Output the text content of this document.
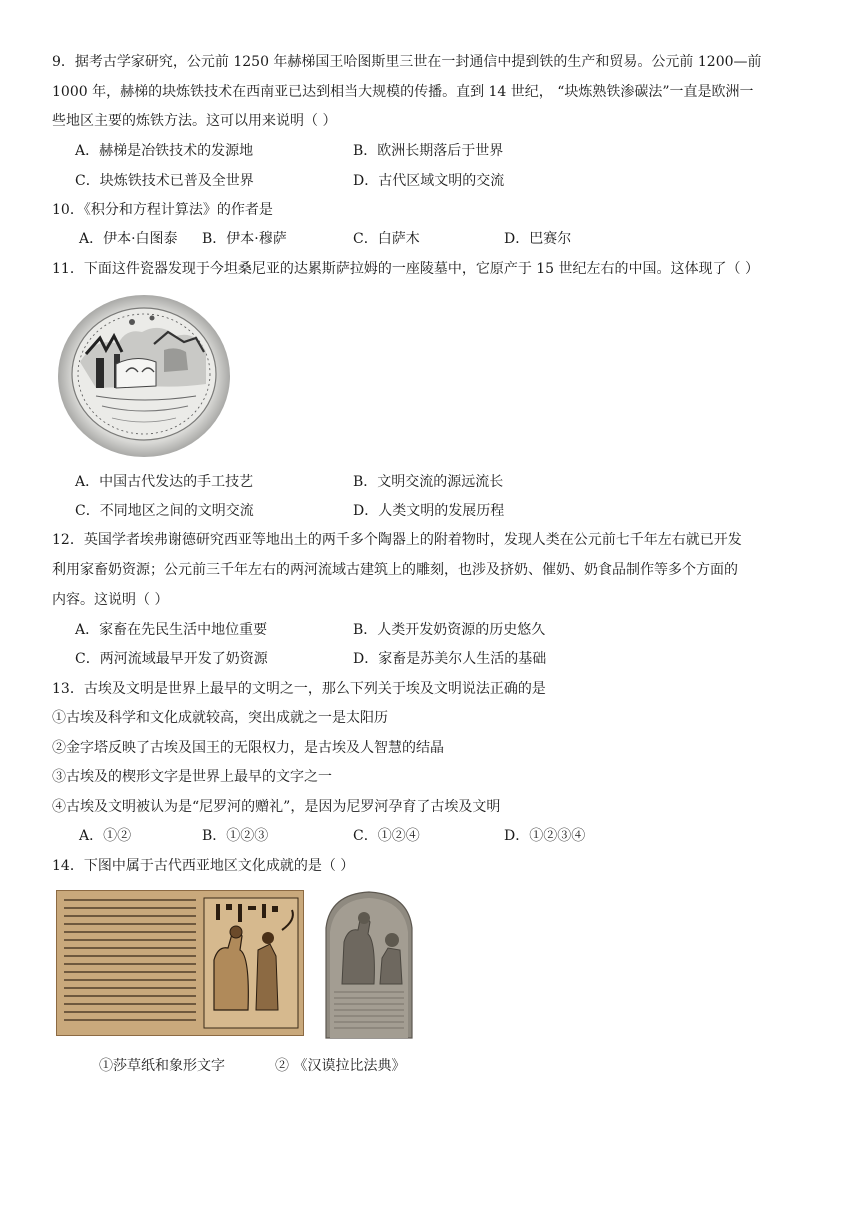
9．据考古学家研究，公元前 1250 年赫梯国王哈图斯里三世在一封通信中提到铁的生产和贸易。公元前 1200—前
1000 年，赫梯的块炼铁技术在西南亚已达到相当大规模的传播。直到 14 世纪， “块炼熟铁渗碳法”一直是欧洲一
些地区主要的炼铁方法。这可以用来说明（ ）
A．赫梯是冶铁技术的发源地	B．欧洲长期落后于世界
C．块炼铁技术已普及全世界	D．古代区域文明的交流
10．《积分和方程计算法》的作者是
A．伊本·白图泰 B．伊本·穆萨	C．白萨木	D．巴赛尔
11．下面这件瓷器发现于今坦桑尼亚的达累斯萨拉姆的一座陵墓中，它原产于 15 世纪左右的中国。这体现了（ ）
A．中国古代发达的手工技艺	B．文明交流的源远流长
C．不同地区之间的文明交流	D．人类文明的发展历程
12．英国学者埃弗谢德研究西亚等地出土的两千多个陶器上的附着物时，发现人类在公元前七千年左右就已开发
利用家畜奶资源；公元前三千年左右的两河流域古建筑上的雕刻，也涉及挤奶、催奶、奶食品制作等多个方面的
内容。这说明（ ）
A．家畜在先民生活中地位重要	B．人类开发奶资源的历史悠久
C．两河流域最早开发了奶资源	D．家畜是苏美尔人生活的基础
13．古埃及文明是世界上最早的文明之一，那么下列关于埃及文明说法正确的是
①古埃及科学和文化成就较高，突出成就之一是太阳历
②金字塔反映了古埃及国王的无限权力，是古埃及人智慧的结晶
③古埃及的楔形文字是世界上最早的文字之一
④古埃及文明被认为是“尼罗河的赠礼”，是因为尼罗河孕育了古埃及文明
A．①②	B．①②③	C．①②④	D．①②③④
14．下图中属于古代西亚地区文化成就的是（ ）
①莎草纸和象形文字	② 《汉谟拉比法典》
